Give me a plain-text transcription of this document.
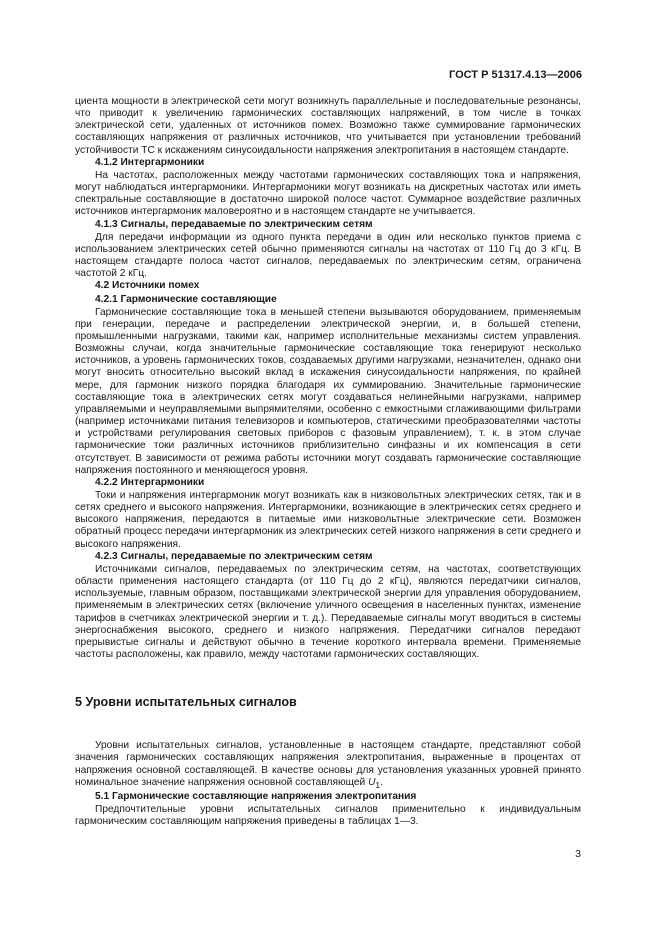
ГОСТ Р 51317.4.13—2006

циента мощности в электрической сети могут возникнуть параллельные и последовательные резонансы, что приводит к увеличению гармонических составляющих напряжений, в том числе в точках электрической сети, удаленных от источников помех. Возможно также суммирование гармонических составляющих напряжения от различных источников, что учитывается при установлении требований устойчивости ТС к искажениям синусоидальности напряжения электропитания в настоящем стандарте.

4.1.2 Интергармоники

На частотах, расположенных между частотами гармонических составляющих тока и напряжения, могут наблюдаться интергармоники. Интергармоники могут возникать на дискретных частотах или иметь спектральные составляющие в достаточно широкой полосе частот. Суммарное воздействие различных источников интергармоник маловероятно и в настоящем стандарте не учитывается.

4.1.3 Сигналы, передаваемые по электрическим сетям

Для передачи информации из одного пункта передачи в один или несколько пунктов приема с использованием электрических сетей обычно применяются сигналы на частотах от 110 Гц до 3 кГц. В настоящем стандарте полоса частот сигналов, передаваемых по электрическим сетям, ограничена частотой 2 кГц.

4.2 Источники помех
4.2.1 Гармонические составляющие

Гармонические составляющие тока в меньшей степени вызываются оборудованием, применяемым при генерации, передаче и распределении электрической энергии, и, в большей степени, промышленными нагрузками, такими как, например исполнительные механизмы систем управления. Возможны случаи, когда значительные гармонические составляющие тока генерируют несколько источников, а уровень гармонических токов, создаваемых другими нагрузками, незначителен, однако они могут вносить относительно высокий вклад в искажения синусоидальности напряжения, по крайней мере, для гармоник низкого порядка благодаря их суммированию. Значительные гармонические составляющие тока в электрических сетях могут создаваться нелинейными нагрузками, например управляемыми и неуправляемыми выпрямителями, особенно с емкостными сглаживающими фильтрами (например источниками питания телевизоров и компьютеров, статическими преобразователями частоты и устройствами регулирования световых приборов с фазовым управлением), т. к. в этом случае гармонические токи различных источников приблизительно синфазны и их компенсация в сети отсутствует. В зависимости от режима работы источники могут создавать гармонические составляющие напряжения постоянного и меняющегося уровня.

4.2.2 Интергармоники

Токи и напряжения интергармоник могут возникать как в низковольтных электрических сетях, так и в сетях среднего и высокого напряжения. Интергармоники, возникающие в электрических сетях среднего и высокого напряжения, передаются в питаемые ими низковольтные электрические сети. Возможен обратный процесс передачи интергармоник из электрических сетей низкого напряжения в сети среднего и высокого напряжения.

4.2.3 Сигналы, передаваемые по электрическим сетям

Источниками сигналов, передаваемых по электрическим сетям, на частотах, соответствующих области применения настоящего стандарта (от 110 Гц до 2 кГц), являются передатчики сигналов, используемые, главным образом, поставщиками электрической энергии для управления оборудованием, применяемым в электрических сетях (включение уличного освещения в населенных пунктах, изменение тарифов в счетчиках электрической энергии и т. д.). Передаваемые сигналы могут вводиться в системы энергоснабжения высокого, среднего и низкого напряжения. Передатчики сигналов передают прерывистые сигналы и действуют обычно в течение короткого интервала времени. Применяемые частоты расположены, как правило, между частотами гармонических составляющих.

5 Уровни испытательных сигналов

Уровни испытательных сигналов, установленные в настоящем стандарте, представляют собой значения гармонических составляющих напряжения электропитания, выраженные в процентах от напряжения основной составляющей. В качестве основы для установления указанных уровней принято номинальное значение напряжения основной составляющей $U_1$.

5.1 Гармонические составляющие напряжения электропитания

Предпочтительные уровни испытательных сигналов применительно к индивидуальным гармоническим составляющим напряжения приведены в таблицах 1—3.

3
